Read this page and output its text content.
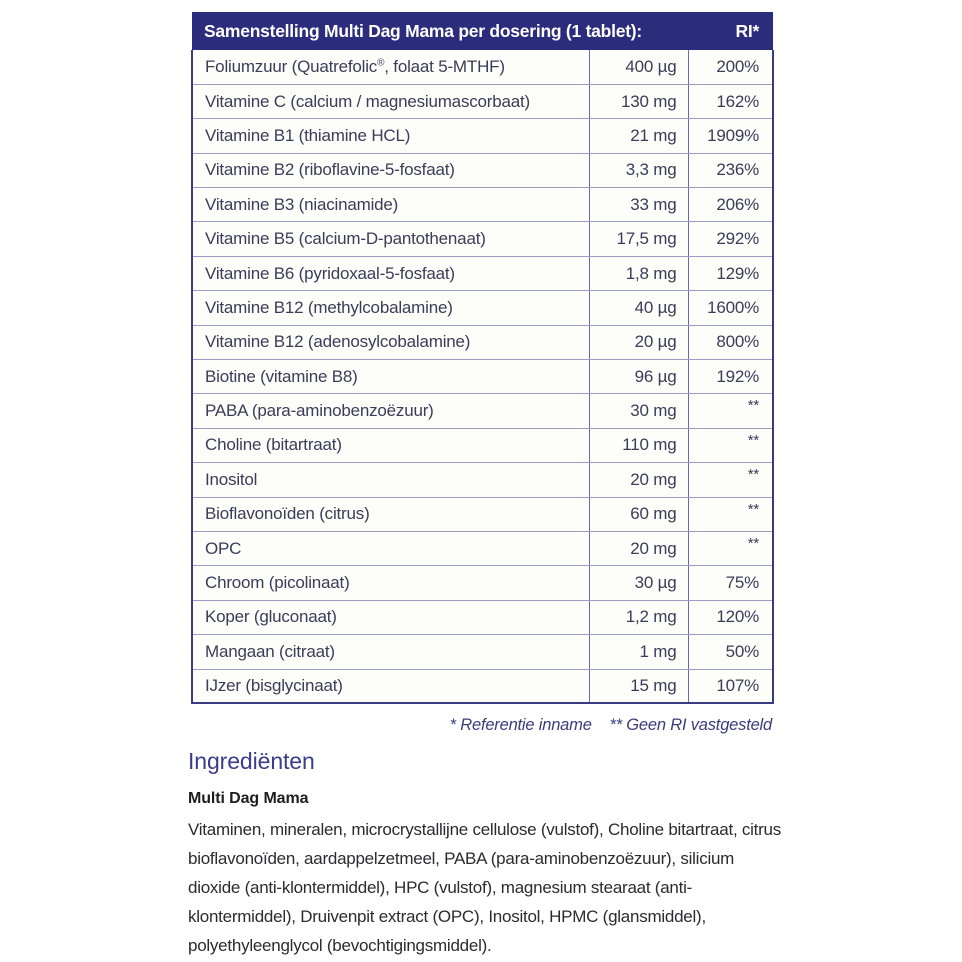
Samenstelling Multi Dag Mama per dosering (1 tablet):		RI*
Foliumzuur (Quatrefolic®, folaat 5-MTHF)	400 µg	200%
Vitamine C (calcium / magnesiumascorbaat)	130 mg	162%
Vitamine B1 (thiamine HCL)	21 mg	1909%
Vitamine B2 (riboflavine-5-fosfaat)	3,3 mg	236%
Vitamine B3 (niacinamide)	33 mg	206%
Vitamine B5 (calcium-D-pantothenaat)	17,5 mg	292%
Vitamine B6 (pyridoxaal-5-fosfaat)	1,8 mg	129%
Vitamine B12 (methylcobalamine)	40 µg	1600%
Vitamine B12 (adenosylcobalamine)	20 µg	800%
Biotine (vitamine B8)	96 µg	192%
PABA (para-aminobenzoëzuur)	30 mg	**
Choline (bitartraat)	110 mg	**
Inositol	20 mg	**
Bioflavonoïden (citrus)	60 mg	**
OPC	20 mg	**
Chroom (picolinaat)	30 µg	75%
Koper (gluconaat)	1,2 mg	120%
Mangaan (citraat)	1 mg	50%
IJzer (bisglycinaat)	15 mg	107%
* Referentie inname ** Geen RI vastgesteld
Ingrediënten
Multi Dag Mama
Vitaminen, mineralen, microcrystallijne cellulose (vulstof), Choline bitartraat, citrus bioflavonoïden, aardappelzetmeel, PABA (para-aminobenzoëzuur), silicium dioxide (anti-klontermiddel), HPC (vulstof), magnesium stearaat (anti-klontermiddel), Druivenpit extract (OPC), Inositol, HPMC (glansmiddel), polyethyleenglycol (bevochtigingsmiddel).
